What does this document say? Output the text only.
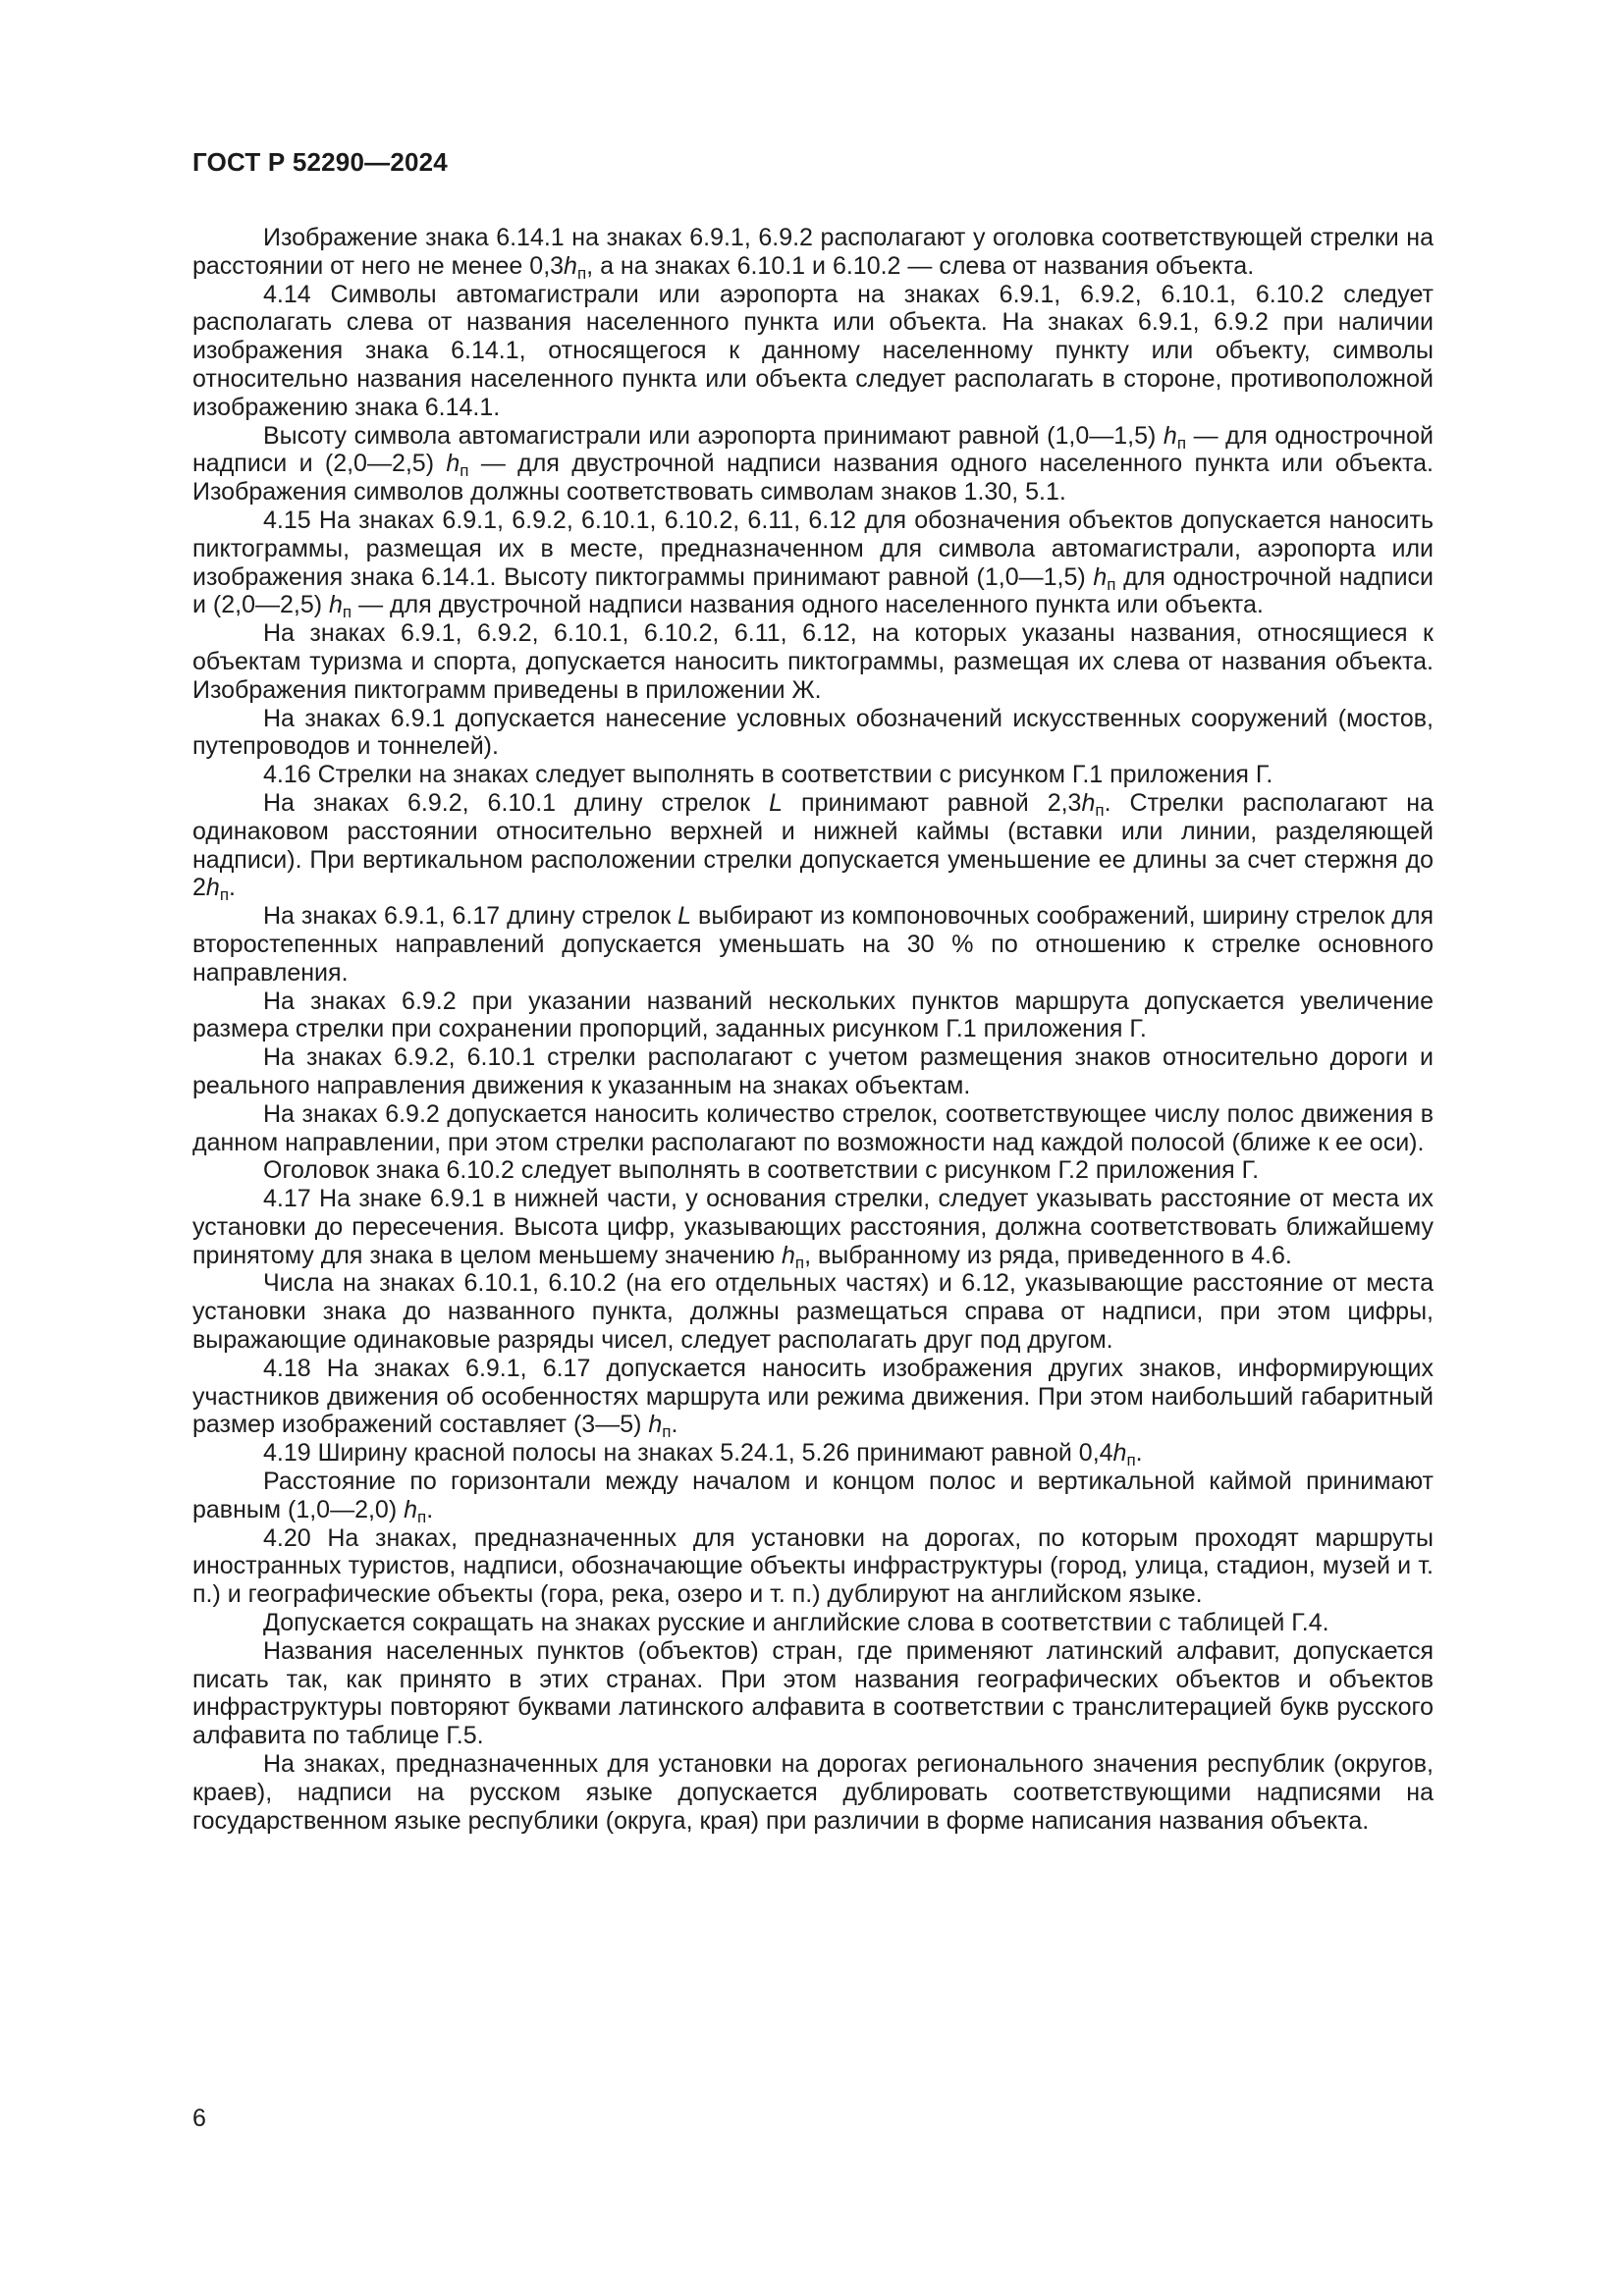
ГОСТ Р 52290—2024

Изображение знака 6.14.1 на знаках 6.9.1, 6.9.2 располагают у оголовка соответствующей стрелки на расстоянии от него не менее $0,3h_п$, а на знаках 6.10.1 и 6.10.2 — слева от названия объекта.

4.14 Символы автомагистрали или аэропорта на знаках 6.9.1, 6.9.2, 6.10.1, 6.10.2 следует располагать слева от названия населенного пункта или объекта. На знаках 6.9.1, 6.9.2 при наличии изображения знака 6.14.1, относящегося к данному населенному пункту или объекту, символы относительно названия населенного пункта или объекта следует располагать в стороне, противоположной изображению знака 6.14.1.

Высоту символа автомагистрали или аэропорта принимают равной (1,0—1,5) $h_п$ — для однострочной надписи и (2,0—2,5) $h_п$ — для двустрочной надписи названия одного населенного пункта или объекта. Изображения символов должны соответствовать символам знаков 1.30, 5.1.

4.15 На знаках 6.9.1, 6.9.2, 6.10.1, 6.10.2, 6.11, 6.12 для обозначения объектов допускается наносить пиктограммы, размещая их в месте, предназначенном для символа автомагистрали, аэропорта или изображения знака 6.14.1. Высоту пиктограммы принимают равной (1,0—1,5) $h_п$ для однострочной надписи и (2,0—2,5) $h_п$ — для двустрочной надписи названия одного населенного пункта или объекта.

На знаках 6.9.1, 6.9.2, 6.10.1, 6.10.2, 6.11, 6.12, на которых указаны названия, относящиеся к объектам туризма и спорта, допускается наносить пиктограммы, размещая их слева от названия объекта. Изображения пиктограмм приведены в приложении Ж.

На знаках 6.9.1 допускается нанесение условных обозначений искусственных сооружений (мостов, путепроводов и тоннелей).

4.16 Стрелки на знаках следует выполнять в соответствии с рисунком Г.1 приложения Г.

На знаках 6.9.2, 6.10.1 длину стрелок L принимают равной $2,3h_п$. Стрелки располагают на одинаковом расстоянии относительно верхней и нижней каймы (вставки или линии, разделяющей надписи). При вертикальном расположении стрелки допускается уменьшение ее длины за счет стержня до $2h_п$.

На знаках 6.9.1, 6.17 длину стрелок L выбирают из компоновочных соображений, ширину стрелок для второстепенных направлений допускается уменьшать на 30 % по отношению к стрелке основного направления.

На знаках 6.9.2 при указании названий нескольких пунктов маршрута допускается увеличение размера стрелки при сохранении пропорций, заданных рисунком Г.1 приложения Г.

На знаках 6.9.2, 6.10.1 стрелки располагают с учетом размещения знаков относительно дороги и реального направления движения к указанным на знаках объектам.

На знаках 6.9.2 допускается наносить количество стрелок, соответствующее числу полос движения в данном направлении, при этом стрелки располагают по возможности над каждой полосой (ближе к ее оси).

Оголовок знака 6.10.2 следует выполнять в соответствии с рисунком Г.2 приложения Г.

4.17 На знаке 6.9.1 в нижней части, у основания стрелки, следует указывать расстояние от места их установки до пересечения. Высота цифр, указывающих расстояния, должна соответствовать ближайшему принятому для знака в целом меньшему значению $h_п$, выбранному из ряда, приведенного в 4.6.

Числа на знаках 6.10.1, 6.10.2 (на его отдельных частях) и 6.12, указывающие расстояние от места установки знака до названного пункта, должны размещаться справа от надписи, при этом цифры, выражающие одинаковые разряды чисел, следует располагать друг под другом.

4.18 На знаках 6.9.1, 6.17 допускается наносить изображения других знаков, информирующих участников движения об особенностях маршрута или режима движения. При этом наибольший габаритный размер изображений составляет (3—5) $h_п$.

4.19 Ширину красной полосы на знаках 5.24.1, 5.26 принимают равной $0,4h_п$.

Расстояние по горизонтали между началом и концом полос и вертикальной каймой принимают равным (1,0—2,0) $h_п$.

4.20 На знаках, предназначенных для установки на дорогах, по которым проходят маршруты иностранных туристов, надписи, обозначающие объекты инфраструктуры (город, улица, стадион, музей и т. п.) и географические объекты (гора, река, озеро и т. п.) дублируют на английском языке.

Допускается сокращать на знаках русские и английские слова в соответствии с таблицей Г.4.

Названия населенных пунктов (объектов) стран, где применяют латинский алфавит, допускается писать так, как принято в этих странах. При этом названия географических объектов и объектов инфраструктуры повторяют буквами латинского алфавита в соответствии с транслитерацией букв русского алфавита по таблице Г.5.

На знаках, предназначенных для установки на дорогах регионального значения республик (округов, краев), надписи на русском языке допускается дублировать соответствующими надписями на государственном языке республики (округа, края) при различии в форме написания названия объекта.

6
